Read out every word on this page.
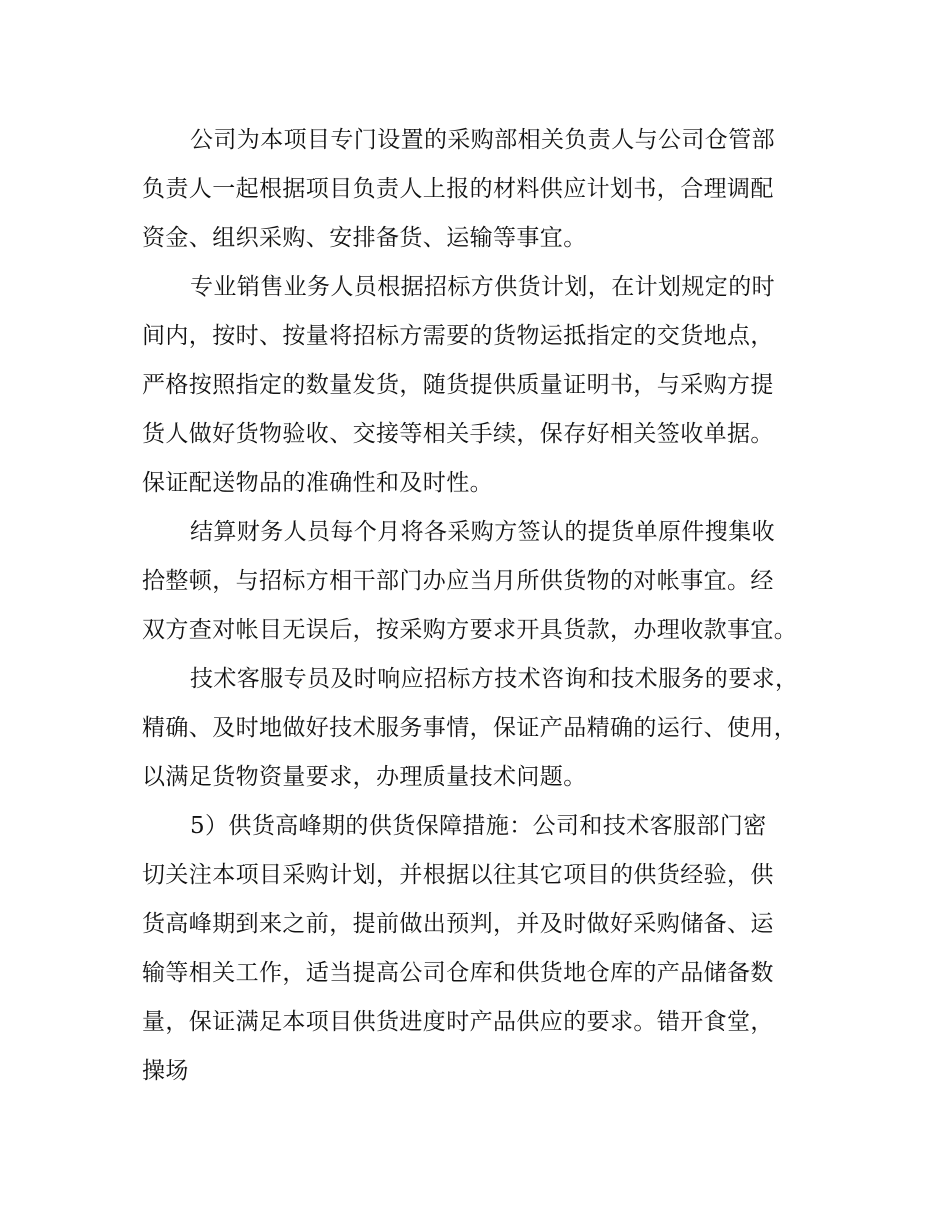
公司为本项目专门设置的采购部相关负责人与公司仓管部
负责人一起根据项目负责人上报的材料供应计划书，合理调配
资金、组织采购、安排备货、运输等事宜。
专业销售业务人员根据招标方供货计划，在计划规定的时
间内，按时、按量将招标方需要的货物运抵指定的交货地点，
严格按照指定的数量发货，随货提供质量证明书，与采购方提
货人做好货物验收、交接等相关手续，保存好相关签收单据。
保证配送物品的准确性和及时性。
结算财务人员每个月将各采购方签认的提货单原件搜集收
拾整顿，与招标方相干部门办应当月所供货物的对帐事宜。经
双方查对帐目无误后，按采购方要求开具货款，办理收款事宜。
技术客服专员及时响应招标方技术咨询和技术服务的要求，
精确、及时地做好技术服务事情，保证产品精确的运行、使用，
以满足货物资量要求，办理质量技术问题。
5）供货高峰期的供货保障措施：公司和技术客服部门密
切关注本项目采购计划，并根据以往其它项目的供货经验，供
货高峰期到来之前，提前做出预判，并及时做好采购储备、运
输等相关工作，适当提高公司仓库和供货地仓库的产品储备数
量，保证满足本项目供货进度时产品供应的要求。错开食堂，
操场
